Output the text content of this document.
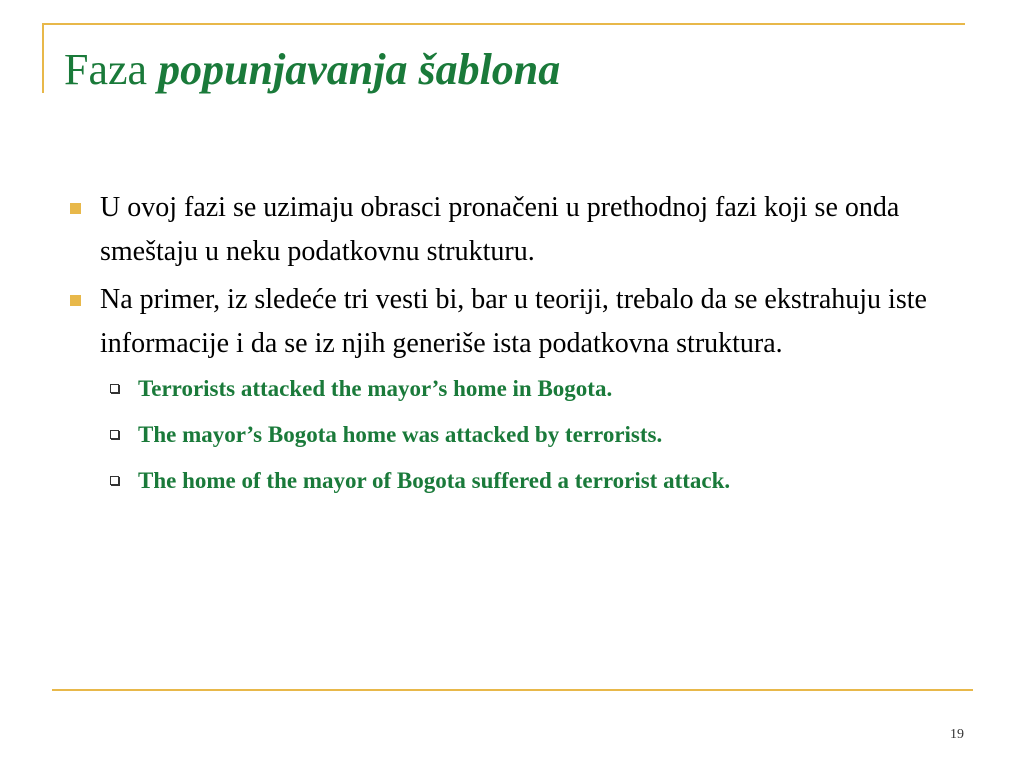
Faza popunjavanja šablona
U ovoj fazi se uzimaju obrasci pronačeni u prethodnoj fazi koji se onda smeštaju u neku podatkovnu strukturu.
Na primer, iz sledeće tri vesti bi, bar u teoriji, trebalo da se ekstrahuju iste informacije i da se iz njih generiše ista podatkovna struktura.
Terrorists attacked the mayor’s home in Bogota.
The mayor’s Bogota home was attacked by terrorists.
The home of the mayor of Bogota suffered a terrorist attack.
19
